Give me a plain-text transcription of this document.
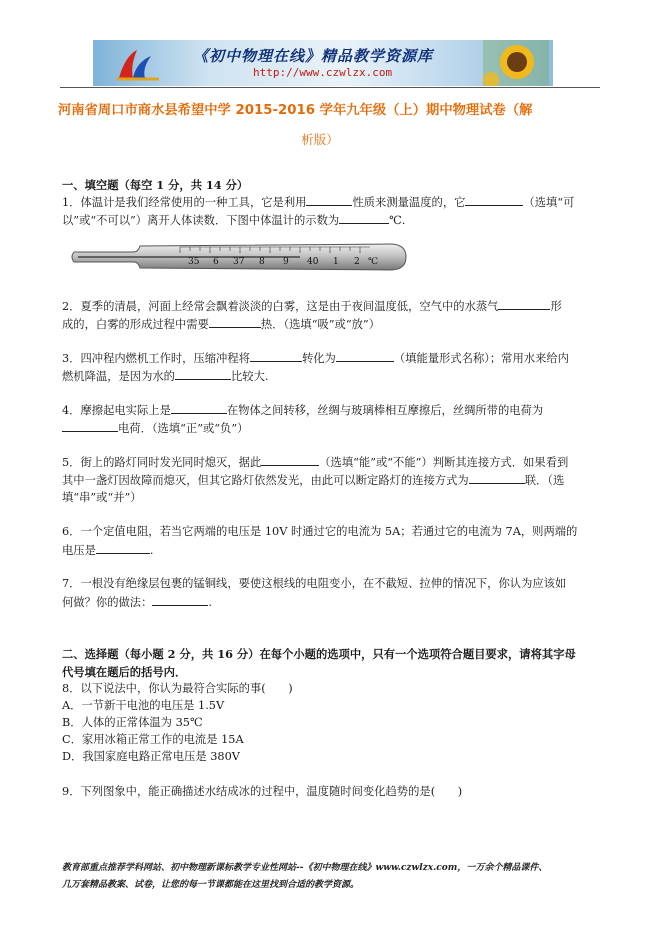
《初中物理在线》精品教学资源库
http://www.czwlzx.com
河南省周口市商水县希望中学 2015-2016 学年九年级（上）期中物理试卷（解
析版）
一、填空题（每空 1 分，共 14 分）
1．体温计是我们经常使用的一种工具，它是利用	性质来测量温度的，它	（选填“可
以”或“不可以”）离开人体读数．下图中体温计的示数为	℃.
35 6 37 8 9 40 1 2 ℃
2．夏季的清晨，河面上经常会飘着淡淡的白雾，这是由于夜间温度低，空气中的水蒸气	形
成的，白雾的形成过程中需要	热．（选填“吸”或“放”）
3．四冲程内燃机工作时，压缩冲程将	转化为	（填能量形式名称）；常用水来给内
燃机降温，是因为水的	比较大.
4．摩擦起电实际上是	在物体之间转移，丝绸与玻璃棒相互摩擦后，丝绸所带的电荷为
电荷．（选填“正”或“负”）
5．街上的路灯同时发光同时熄灭，据此	（选填“能”或“不能”）判断其连接方式．如果看到
其中一盏灯因故障而熄灭，但其它路灯依然发光，由此可以断定路灯的连接方式为	联．（选
填“串”或“并”）
6．一个定值电阻，若当它两端的电压是 10V 时通过它的电流为 5A；若通过它的电流为 7A，则两端的
电压是	.
7．一根没有绝缘层包裹的锰铜线，要使这根线的电阻变小，在不截短、拉伸的情况下，你认为应该如
何做？你的做法：	.
二、选择题（每小题 2 分，共 16 分）在每个小题的选项中，只有一个选项符合题目要求，请将其字母
代号填在题后的括号内．
8．以下说法中，你认为最符合实际的事(　　)
A．一节新干电池的电压是 1.5V
B．人体的正常体温为 35℃
C．家用冰箱正常工作的电流是 15A
D．我国家庭电路正常电压是 380V
9．下列图象中，能正确描述水结成冰的过程中，温度随时间变化趋势的是(　　)
教育部重点推荐学科网站、初中物理新课标教学专业性网站--《初中物理在线》www.czwlzx.com，一万余个精品课件、
几万套精品教案、试卷，让您的每一节课都能在这里找到合适的教学资源。
